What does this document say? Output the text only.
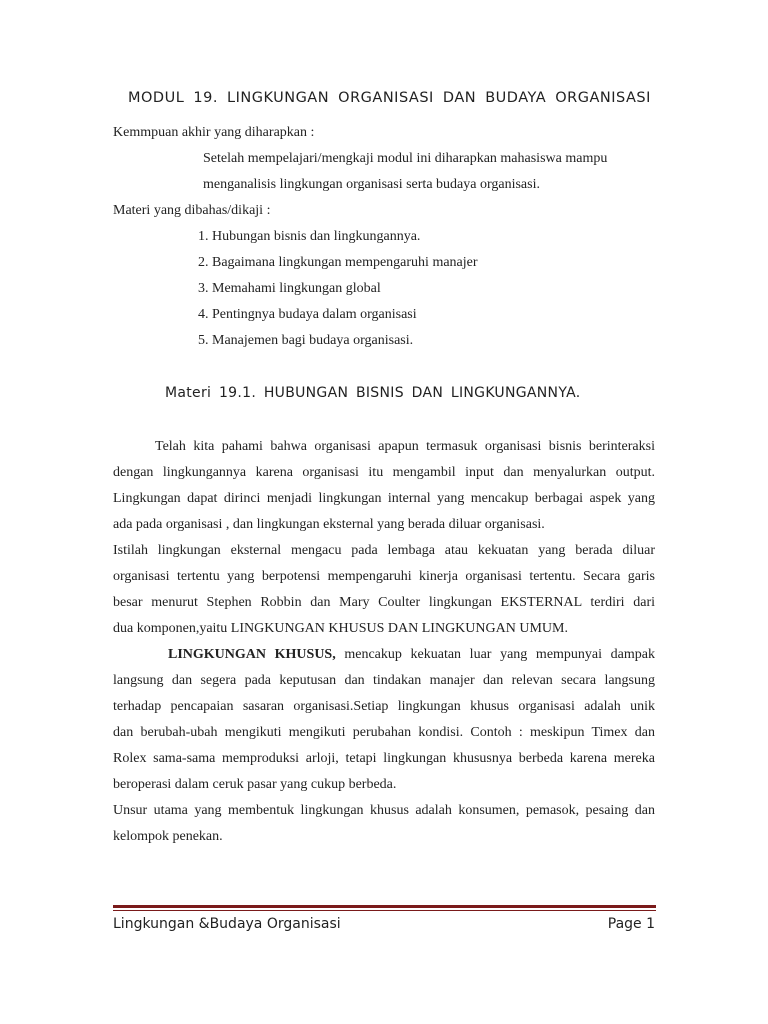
MODUL 19. LINGKUNGAN ORGANISASI DAN BUDAYA ORGANISASI
Kemmpuan akhir yang diharapkan :
Setelah mempelajari/mengkaji modul ini diharapkan mahasiswa mampu
menganalisis lingkungan organisasi serta budaya organisasi.
Materi yang dibahas/dikaji :
1. Hubungan bisnis dan lingkungannya.
2. Bagaimana lingkungan mempengaruhi manajer
3. Memahami lingkungan global
4. Pentingnya budaya dalam organisasi
5. Manajemen bagi budaya organisasi.
Materi 19.1. HUBUNGAN BISNIS DAN LINGKUNGANNYA.
Telah kita pahami bahwa organisasi apapun termasuk organisasi bisnis berinteraksi
dengan lingkungannya karena organisasi itu mengambil input dan menyalurkan output.
Lingkungan dapat dirinci menjadi lingkungan internal yang mencakup berbagai aspek yang
ada pada organisasi , dan lingkungan eksternal yang berada diluar organisasi.
Istilah lingkungan eksternal mengacu pada lembaga atau kekuatan yang berada diluar
organisasi tertentu yang berpotensi mempengaruhi kinerja organisasi tertentu. Secara garis
besar menurut Stephen Robbin dan Mary Coulter lingkungan EKSTERNAL terdiri dari
dua komponen,yaitu LINGKUNGAN KHUSUS DAN LINGKUNGAN UMUM.
LINGKUNGAN KHUSUS, mencakup kekuatan luar yang mempunyai dampak
langsung dan segera pada keputusan dan tindakan manajer dan relevan secara langsung
terhadap pencapaian sasaran organisasi.Setiap lingkungan khusus organisasi adalah unik
dan berubah-ubah mengikuti mengikuti perubahan kondisi. Contoh : meskipun Timex dan
Rolex sama-sama memproduksi arloji, tetapi lingkungan khususnya berbeda karena mereka
beroperasi dalam ceruk pasar yang cukup berbeda.
Unsur utama yang membentuk lingkungan khusus adalah konsumen, pemasok, pesaing dan
kelompok penekan.
Lingkungan &Budaya Organisasi	Page 1
